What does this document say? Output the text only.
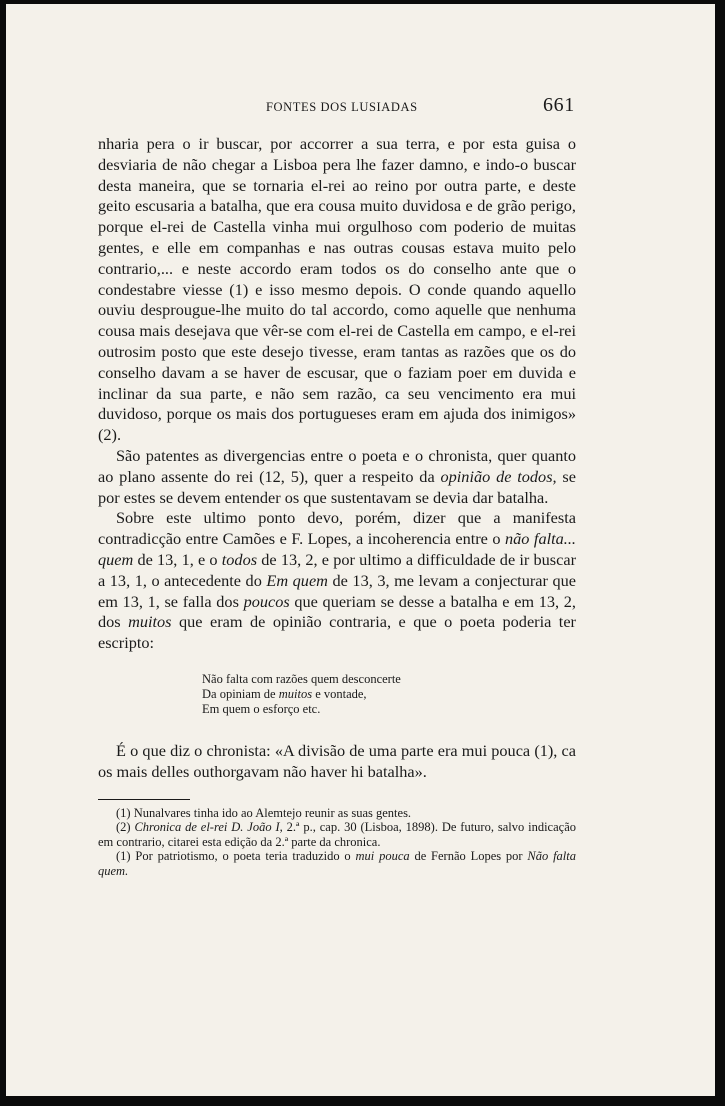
FONTES DOS LUSIADAS	661

nharia pera o ir buscar, por accorrer a sua terra, e por esta guisa o desviaria de não chegar a Lisboa pera lhe fazer damno, e indo-o buscar desta maneira, que se tornaria el-rei ao reino por outra parte, e deste geito escusaria a batalha, que era cousa muito duvidosa e de grão perigo, porque el-rei de Castella vinha mui orgulhoso com poderio de muitas gentes, e elle em companhas e nas outras cousas estava muito pelo contrario,... e neste accordo eram todos os do conselho ante que o condestabre viesse (1) e isso mesmo depois. O conde quando aquello ouviu desprougue-lhe muito do tal accordo, como aquelle que nenhuma cousa mais desejava que vêr-se com el-rei de Castella em campo, e el-rei outrosim posto que este desejo tivesse, eram tantas as razões que os do conselho davam a se haver de escusar, que o faziam poer em duvida e inclinar da sua parte, e não sem razão, ca seu vencimento era mui duvidoso, porque os mais dos portugueses eram em ajuda dos inimigos» (2).

São patentes as divergencias entre o poeta e o chronista, quer quanto ao plano assente do rei (12, 5), quer a respeito da opinião de todos, se por estes se devem entender os que sustentavam se devia dar batalha.

Sobre este ultimo ponto devo, porém, dizer que a manifesta contradicção entre Camões e F. Lopes, a incoherencia entre o não falta... quem de 13, 1, e o todos de 13, 2, e por ultimo a difficuldade de ir buscar a 13, 1, o antecedente do Em quem de 13, 3, me levam a conjecturar que em 13, 1, se falla dos poucos que queriam se desse a batalha e em 13, 2, dos muitos que eram de opinião contraria, e que o poeta poderia ter escripto:

Não falta com razões quem desconcerte
Da opiniam de muitos e vontade,
Em quem o esforço etc.

É o que diz o chronista: «A divisão de uma parte era mui pouca (1), ca os mais delles outhorgavam não haver hi batalha».

(1) Nunalvares tinha ido ao Alemtejo reunir as suas gentes.

(2) Chronica de el-rei D. João I, 2.ª p., cap. 30 (Lisboa, 1898). De futuro, salvo indicação em contrario, citarei esta edição da 2.ª parte da chronica.

(1) Por patriotismo, o poeta teria traduzido o mui pouca de Fernão Lopes por Não falta quem.
